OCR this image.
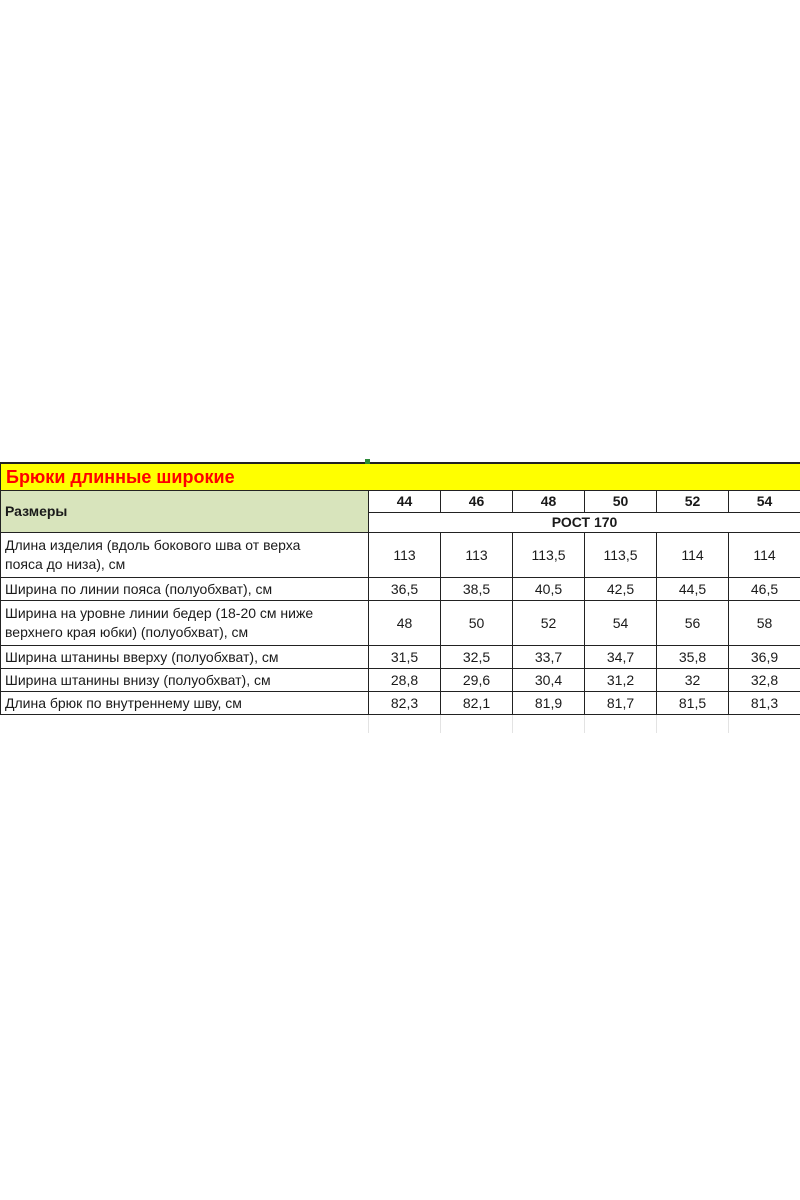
Брюки длинные широкие						
Размеры	44	46	48	50	52	54
	РОСТ 170					

Длина изделия (вдоль бокового шва от верха
пояса до низа), см	113	113	113,5	113,5	114	114

Ширина по линии пояса (полуобхват), см	36,5	38,5	40,5	42,5	44,5	46,5

Ширина на уровне линии бедер (18-20 см ниже
верхнего края юбки) (полуобхват), см	48	50	52	54	56	58

Ширина штанины вверху (полуобхват), см	31,5	32,5	33,7	34,7	35,8	36,9

Ширина штанины внизу (полуобхват), см	28,8	29,6	30,4	31,2	32	32,8

Длина брюк по внутреннему шву, см	82,3	82,1	81,9	81,7	81,5	81,3
